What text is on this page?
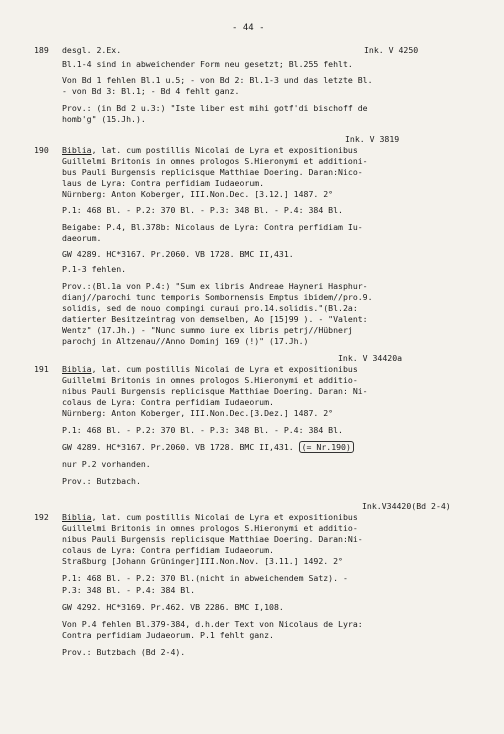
- 44 -
189 desgl. 2.Ex.	Ink. V 4250
Bl.1-4 sind in abweichender Form neu gesetzt; Bl.255 fehlt.
Von Bd 1 fehlen Bl.1 u.5; - von Bd 2: Bl.1-3 und das letzte Bl.
- von Bd 3: Bl.1; - Bd 4 fehlt ganz.
Prov.: (in Bd 2 u.3:) "Iste liber est mihi gotf'di bischoff de
homb'g" (15.Jh.).
Ink. V 3819
190 Biblia, lat. cum postillis Nicolai de Lyra et expositionibus
Guillelmi Britonis in omnes prologos S.Hieronymi et additioni-
bus Pauli Burgensis replicisque Matthiae Doering. Daran:Nico-
laus de Lyra: Contra perfidiam Iudaeorum.
Nürnberg: Anton Koberger, III.Non.Dec. [3.12.] 1487. 2°
P.1: 468 Bl. - P.2: 370 Bl. - P.3: 348 Bl. - P.4: 384 Bl.
Beigabe: P.4, Bl.378b: Nicolaus de Lyra: Contra perfidiam Iu-
daeorum.
GW 4289. HC*3167. Pr.2060. VB 1728. BMC II,431.
P.1-3 fehlen.
Prov.:(Bl.1a von P.4:) "Sum ex libris Andreae Hayneri Hasphur-
dianj//parochi tunc temporis Sombornensis Emptus ibidem//pro.9.
solidis, sed de nouo compingi curaui pro.14.solidis."(Bl.2a:
datierter Besitzeintrag von demselben, Ao [15]99 ). - "Valent:
Wentz" (17.Jh.) - "Nunc summo iure ex libris petrj//Hübnerj
parochj in Altzenau//Anno Dominj 169 (!)" (17.Jh.)
Ink. V 34420a
191 Biblia, lat. cum postillis Nicolai de Lyra et expositionibus
Guillelmi Britonis in omnes prologos S.Hieronymi et additio-
nibus Pauli Burgensis replicisque Matthiae Doering. Daran: Ni-
colaus de Lyra: Contra perfidiam Iudaeorum.
Nürnberg: Anton Koberger, III.Non.Dec.[3.Dez.] 1487. 2°
P.1: 468 Bl. - P.2: 370 Bl. - P.3: 348 Bl. - P.4: 384 Bl.
GW 4289. HC*3167. Pr.2060. VB 1728. BMC II,431. (= Nr.190)
nur P.2 vorhanden.
Prov.: Butzbach.
Ink.V34420(Bd 2-4)
192 Biblia, lat. cum postillis Nicolai de Lyra et expositionibus
Guillelmi Britonis in omnes prologos S.Hieronymi et additio-
nibus Pauli Burgensis replicisque Matthiae Doering. Daran:Ni-
colaus de Lyra: Contra perfidiam Iudaeorum.
Straßburg [Johann Grüninger]III.Non.Nov. [3.11.] 1492. 2°
P.1: 468 Bl. - P.2: 370 Bl.(nicht in abweichendem Satz). -
P.3: 348 Bl. - P.4: 384 Bl.
GW 4292. HC*3169. Pr.462. VB 2286. BMC I,108.
Von P.4 fehlen Bl.379-384, d.h.der Text von Nicolaus de Lyra:
Contra perfidiam Judaeorum. P.1 fehlt ganz.
Prov.: Butzbach (Bd 2-4).
